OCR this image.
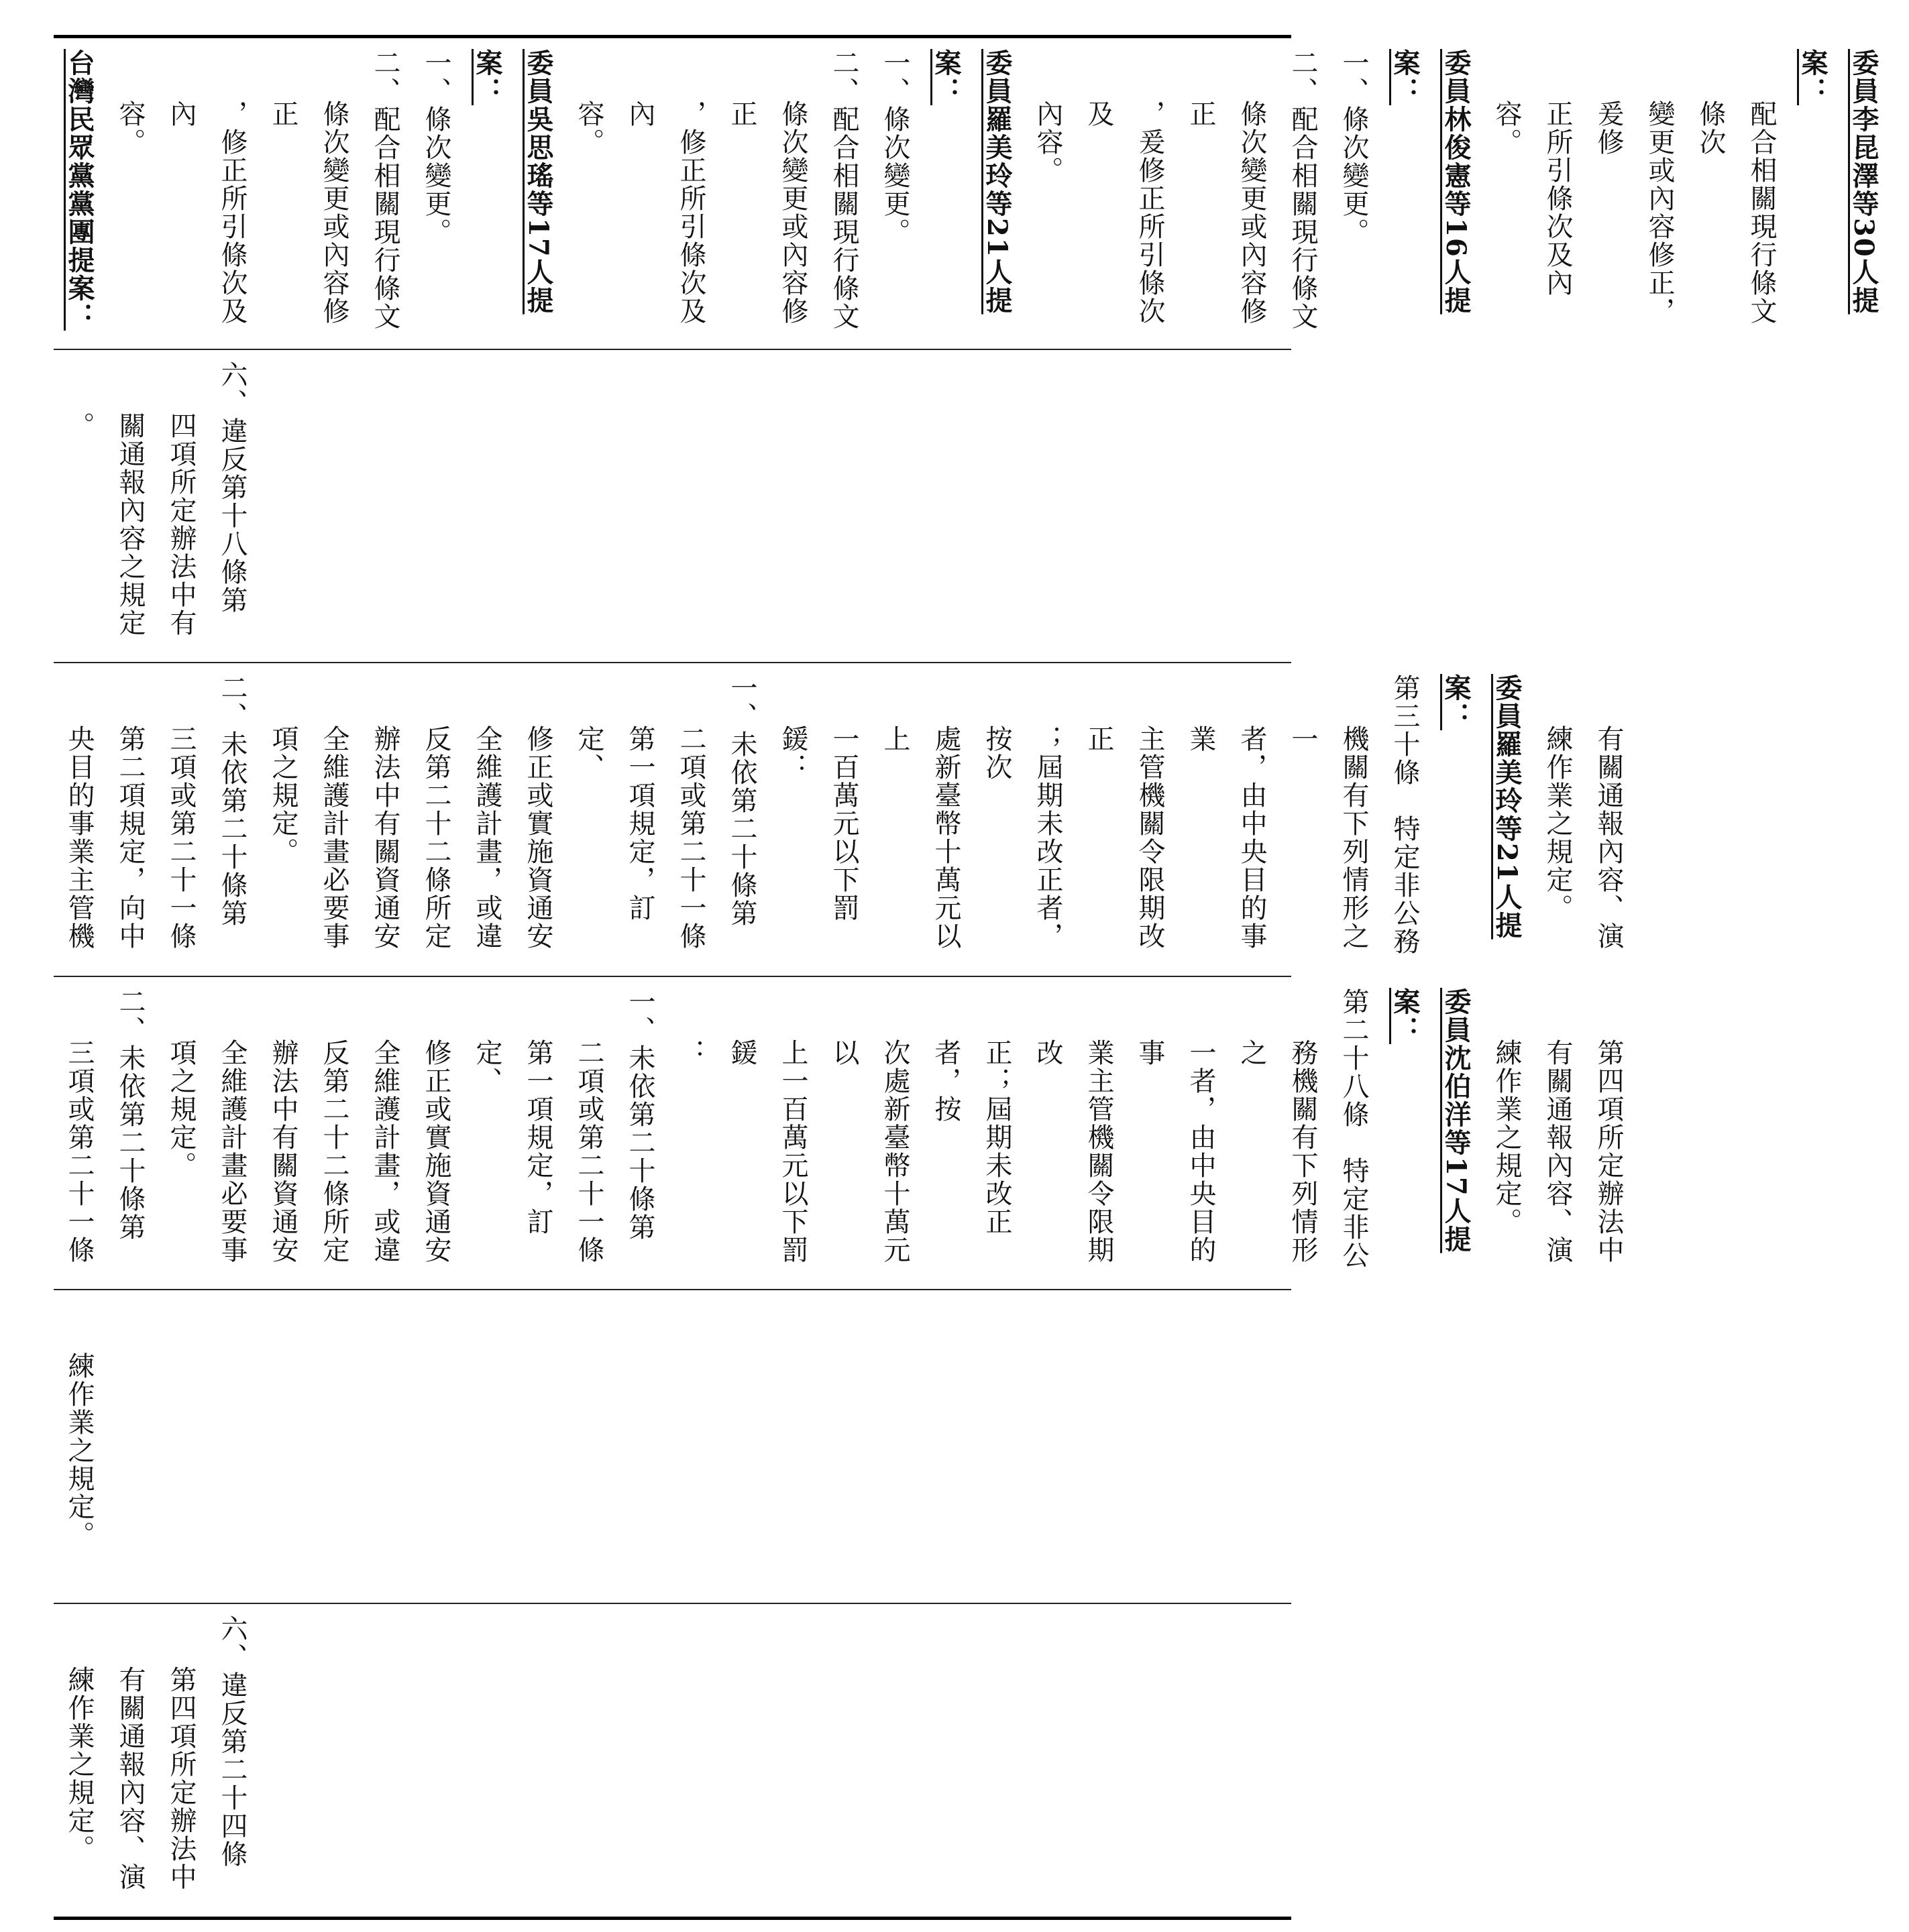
委員李昆澤等30人提案：
配合相關現行條文條次
變更或內容修正，爰修
正所引條次及內容。
委員林俊憲等16人提案：
一、條次變更。
二、配合相關現行條文
條次變更或內容修正
，爰修正所引條次及
內容。
委員羅美玲等21人提案：
一、條次變更。
二、配合相關現行條文
條次變更或內容修正
，修正所引條次及內
容。
委員吳思瑤等17人提案：
一、條次變更。
二、配合相關現行條文
條次變更或內容修正
，修正所引條次及內
容。
台灣民眾黨黨團提案：
六、違反第十八條第
四項所定辦法中有
關通報內容之規定
。
有關通報內容、演
練作業之規定。
委員羅美玲等21人提案：
第三十條　特定非公務
機關有下列情形之一
者，由中央目的事業
主管機關令限期改正
；屆期未改正者，按次
處新臺幣十萬元以上
一百萬元以下罰鍰：
一、未依第二十條第
二項或第二十一條
第一項規定，訂定、
修正或實施資通安
全維護計畫，或違
反第二十二條所定
辦法中有關資通安
全維護計畫必要事
項之規定。
二、未依第二十條第
三項或第二十一條
第二項規定，向中
央目的事業主管機
第四項所定辦法中
有關通報內容、演
練作業之規定。
委員沈伯洋等17人提案：
第二十八條　特定非公
務機關有下列情形之
一者，由中央目的事
業主管機關令限期改
正；屆期未改正者，按
次處新臺幣十萬元以
上一百萬元以下罰鍰
：
一、未依第二十條第
二項或第二十一條
第一項規定，訂定、
修正或實施資通安
全維護計畫，或違
反第二十二條所定
辦法中有關資通安
全維護計畫必要事
項之規定。
二、未依第二十條第
三項或第二十一條
練作業之規定。
六、違反第二十四條
第四項所定辦法中
有關通報內容、演
練作業之規定。
